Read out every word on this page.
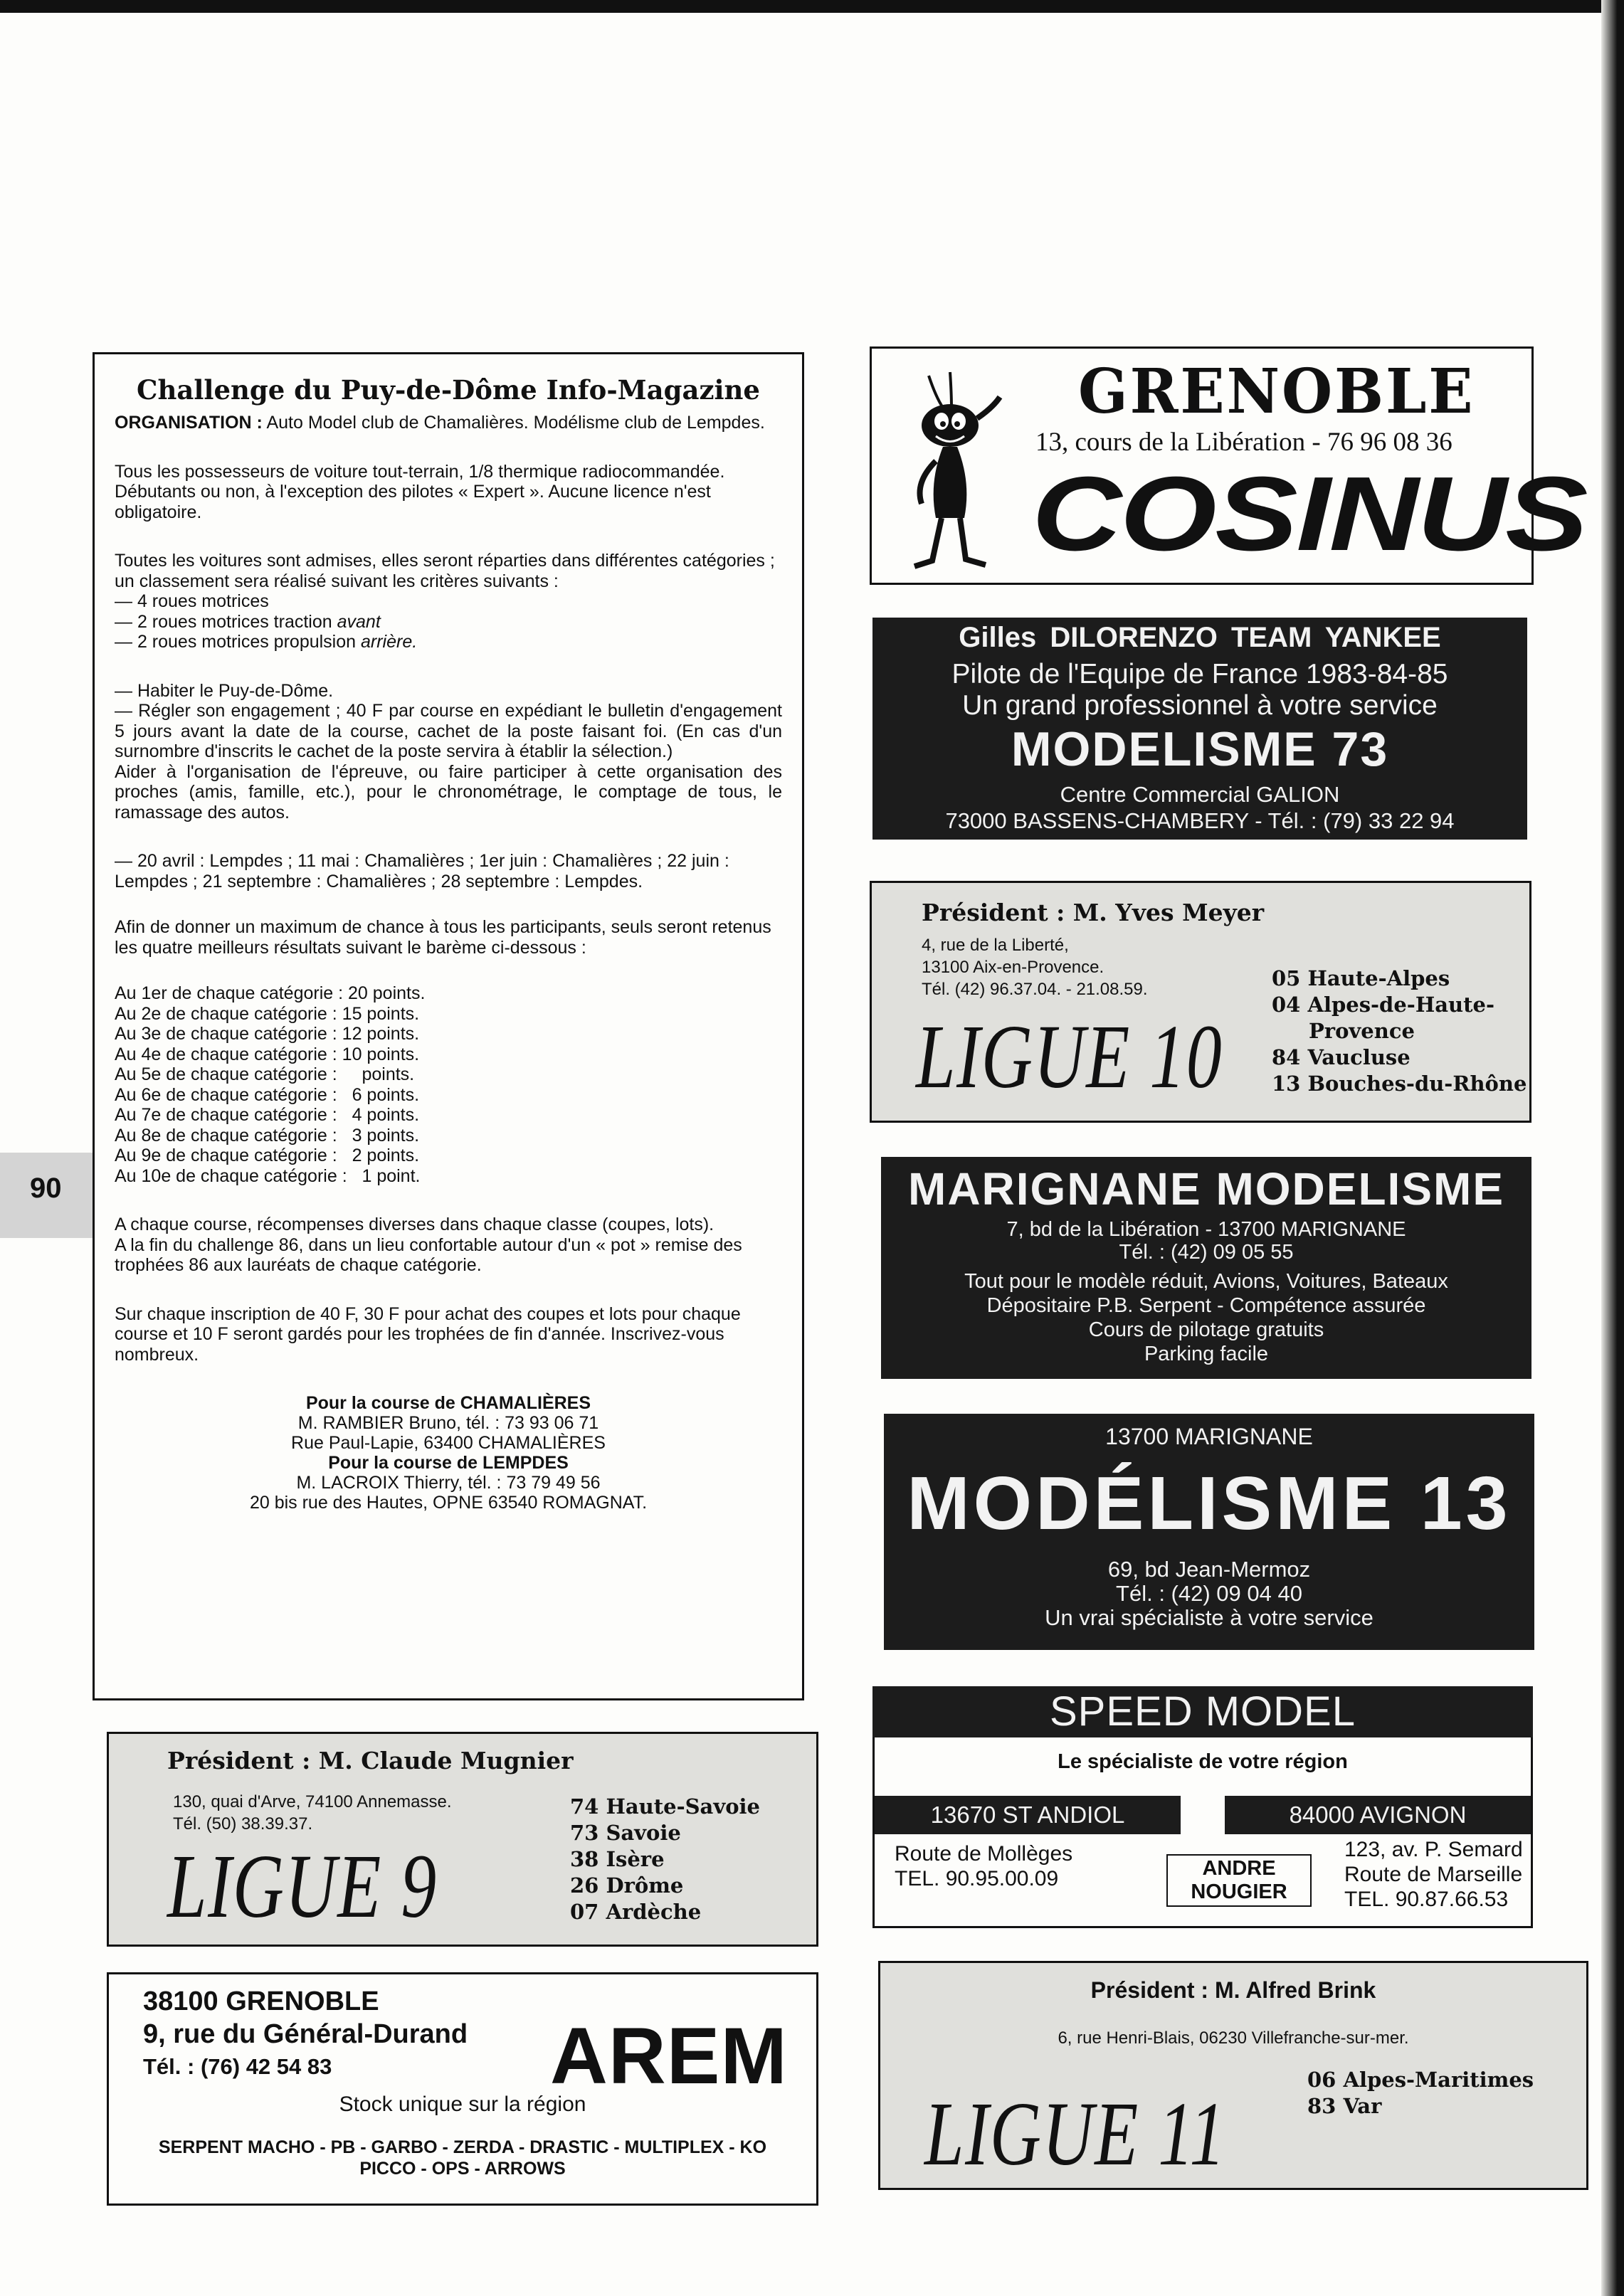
90
Challenge du Puy-de-Dôme Info-Magazine

ORGANISATION : Auto Model club de Chamalières. Modélisme club de Lempdes.

Tous les possesseurs de voiture tout-terrain, 1/8 thermique radiocommandée. Débutants ou non, à l'exception des pilotes « Expert ». Aucune licence n'est obligatoire.

Toutes les voitures sont admises, elles seront réparties dans différentes catégories ; un classement sera réalisé suivant les critères suivants :

— 4 roues motrices

— 2 roues motrices traction avant

— 2 roues motrices propulsion arrière.

— Habiter le Puy-de-Dôme.

— Régler son engagement ; 40 F par course en expédiant le bulletin d'engagement 5 jours avant la date de la course, cachet de la poste faisant foi. (En cas d'un surnombre d'inscrits le cachet de la poste servira à établir la sélection.)

Aider à l'organisation de l'épreuve, ou faire participer à cette organisation des proches (amis, famille, etc.), pour le chronométrage, le comptage de tous, le ramassage des autos.

— 20 avril : Lempdes ; 11 mai : Chamalières ; 1er juin : Chamalières ; 22 juin : Lempdes ; 21 septembre : Chamalières ; 28 septembre : Lempdes.

Afin de donner un maximum de chance à tous les participants, seuls seront retenus les quatre meilleurs résultats suivant le barème ci-dessous :

Au 1er de chaque catégorie : 20 points.

Au 2e de chaque catégorie : 15 points.

Au 3e de chaque catégorie : 12 points.

Au 4e de chaque catégorie : 10 points.

Au 5e de chaque catégorie :     points.

Au 6e de chaque catégorie :   6 points.

Au 7e de chaque catégorie :   4 points.

Au 8e de chaque catégorie :   3 points.

Au 9e de chaque catégorie :   2 points.

Au 10e de chaque catégorie :   1 point.

A chaque course, récompenses diverses dans chaque classe (coupes, lots).

A la fin du challenge 86, dans un lieu confortable autour d'un « pot » remise des trophées 86 aux lauréats de chaque catégorie.

Sur chaque inscription de 40 F, 30 F pour achat des coupes et lots pour chaque course et 10 F seront gardés pour les trophées de fin d'année. Inscrivez-vous nombreux.

Pour la course de CHAMALIÈRES
M. RAMBIER Bruno, tél. : 73 93 06 71
Rue Paul-Lapie, 63400 CHAMALIÈRES
Pour la course de LEMPDES
M. LACROIX Thierry, tél. : 73 79 49 56
20 bis rue des Hautes, OPNE 63540 ROMAGNAT.
Président : M. Claude Mugnier
130, quai d'Arve, 74100 Annemasse.
Tél. (50) 38.39.37.
LIGUE 9
74 Haute-Savoie
73 Savoie
38 Isère
26 Drôme
07 Ardèche
38100 GRENOBLE
9, rue du Général-Durand
Tél. : (76) 42 54 83	AREM
Stock unique sur la région
SERPENT MACHO - PB - GARBO - ZERDA - DRASTIC - MULTIPLEX - KO PICCO - OPS - ARROWS
GRENOBLE
13, cours de la Libération - 76 96 08 36
COSINUS
Gilles DILORENZO TEAM YANKEE
Pilote de l'Equipe de France 1983-84-85
Un grand professionnel à votre service
MODELISME 73
Centre Commercial GALION
73000 BASSENS-CHAMBERY - Tél. : (79) 33 22 94
Président : M. Yves Meyer
4, rue de la Liberté,
13100 Aix-en-Provence.
Tél. (42) 96.37.04. - 21.08.59.
LIGUE 10
05 Haute-Alpes
04 Alpes-de-Haute-
Provence
84 Vaucluse
13 Bouches-du-Rhône
MARIGNANE MODELISME
7, bd de la Libération - 13700 MARIGNANE
Tél. : (42) 09 05 55
Tout pour le modèle réduit, Avions, Voitures, Bateaux
Dépositaire P.B. Serpent - Compétence assurée
Cours de pilotage gratuits
Parking facile
13700 MARIGNANE
MODÉLISME 13
69, bd Jean-Mermoz
Tél. : (42) 09 04 40
Un vrai spécialiste à votre service
SPEED MODEL
Le spécialiste de votre région
13670 ST ANDIOL	84000 AVIGNON
Route de Mollèges
TEL. 90.95.00.09	ANDRE
NOUGIER
123, av. P. Semard
Route de Marseille
TEL. 90.87.66.53
Président : M. Alfred Brink
6, rue Henri-Blais, 06230 Villefranche-sur-mer.
LIGUE 11
06 Alpes-Maritimes
83 Var
